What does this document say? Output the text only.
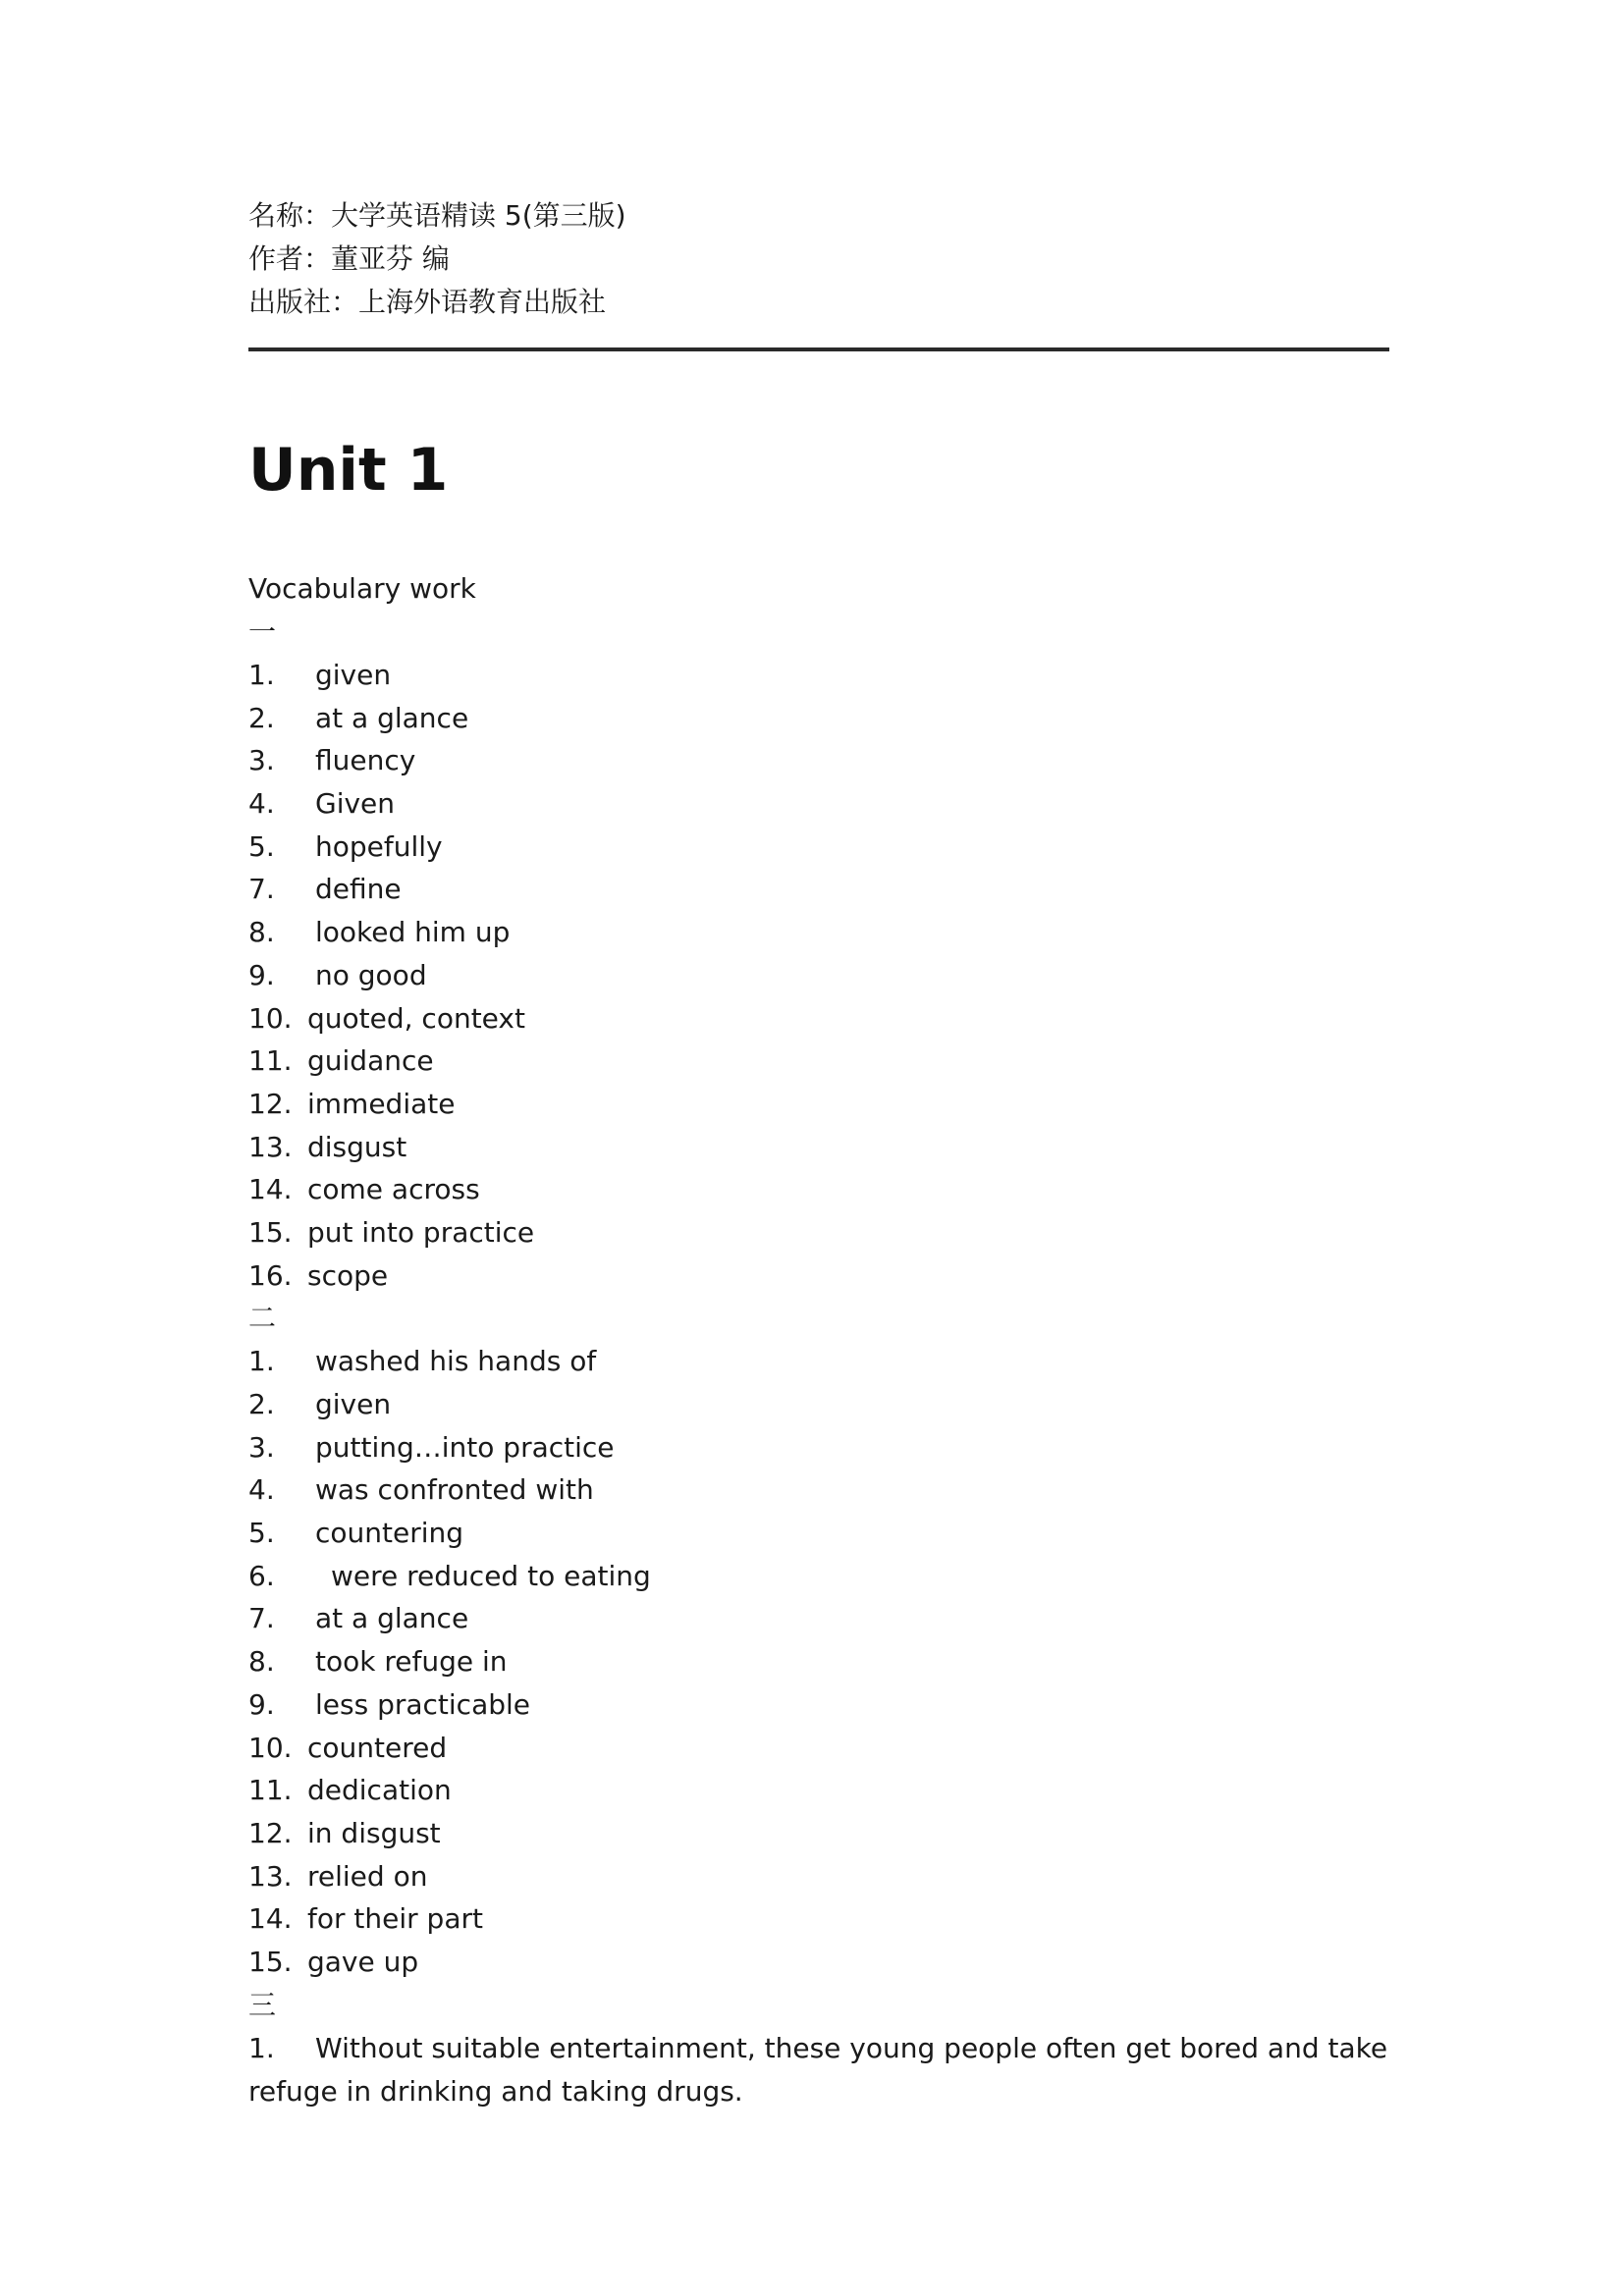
名称：大学英语精读 5(第三版)
作者：董亚芬 编
出版社：上海外语教育出版社
Unit 1
Vocabulary work
一
1. given
2. at a glance
3. fluency
4. Given
5. hopefully
7. define
8. looked him up
9. no good
10. quoted, context
11. guidance
12. immediate
13. disgust
14. come across
15. put into practice
16. scope
二
1. washed his hands of
2. given
3. putting…into practice
4. was confronted with
5. countering
6. were reduced to eating
7. at a glance
8. took refuge in
9. less practicable
10. countered
11. dedication
12. in disgust
13. relied on
14. for their part
15. gave up
三
1. Without suitable entertainment, these young people often get bored and take refuge in drinking and taking drugs.
